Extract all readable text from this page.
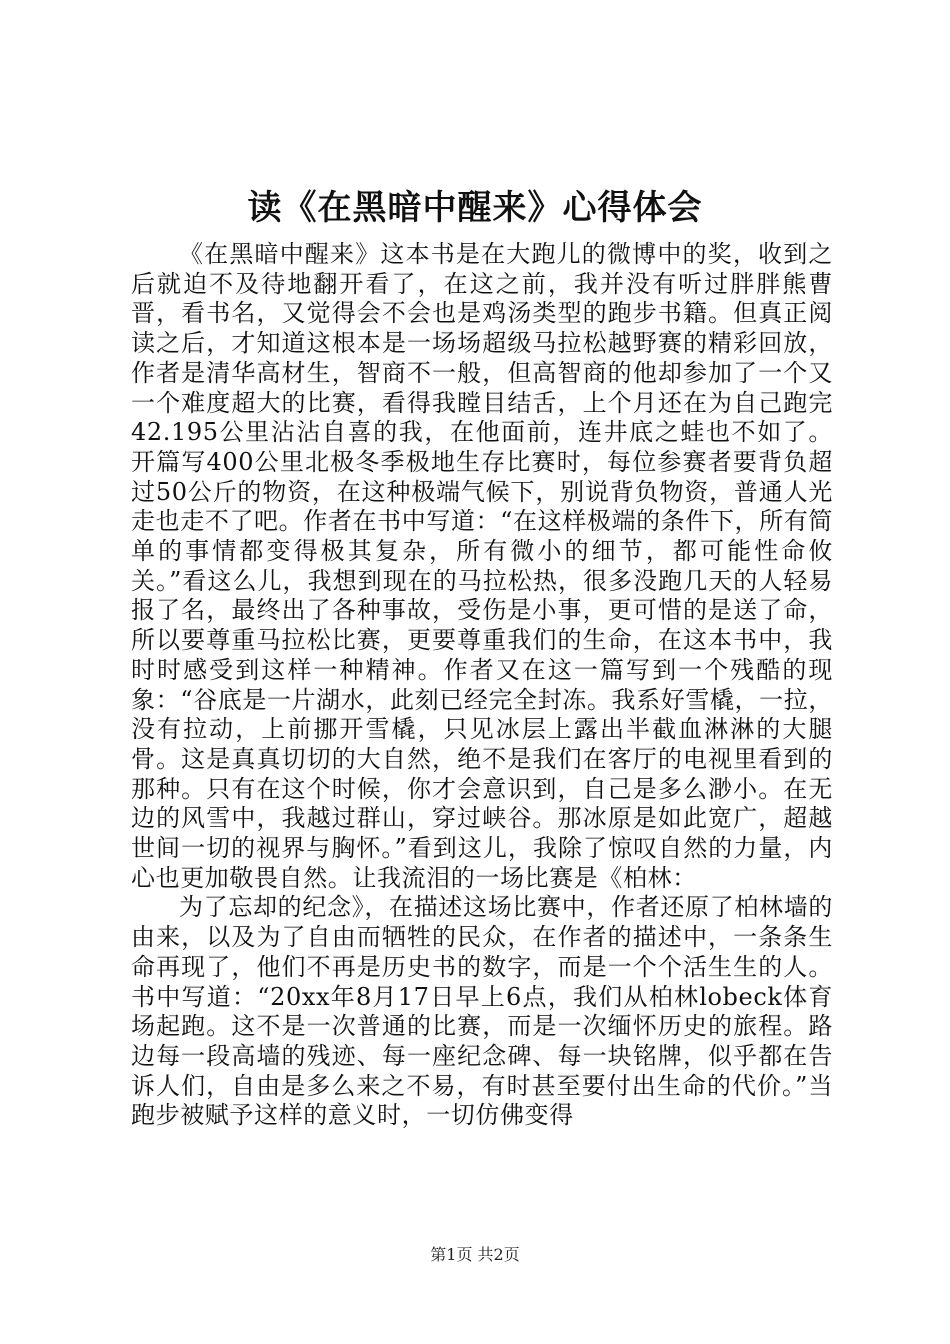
读《在黑暗中醒来》心得体会

《在黑暗中醒来》这本书是在大跑儿的微博中的奖，收到之后就迫不及待地翻开看了，在这之前，我并没有听过胖胖熊曹晋，看书名，又觉得会不会也是鸡汤类型的跑步书籍。但真正阅读之后，才知道这根本是一场场超级马拉松越野赛的精彩回放，作者是清华高材生，智商不一般，但高智商的他却参加了一个又一个难度超大的比赛，看得我瞠目结舌，上个月还在为自己跑完42.195公里沾沾自喜的我，在他面前，连井底之蛙也不如了。开篇写400公里北极冬季极地生存比赛时，每位参赛者要背负超过50公斤的物资，在这种极端气候下，别说背负物资，普通人光走也走不了吧。作者在书中写道：“在这样极端的条件下，所有简单的事情都变得极其复杂，所有微小的细节，都可能性命攸关。”看这么儿，我想到现在的马拉松热，很多没跑几天的人轻易报了名，最终出了各种事故，受伤是小事，更可惜的是送了命，所以要尊重马拉松比赛，更要尊重我们的生命，在这本书中，我时时感受到这样一种精神。作者又在这一篇写到一个残酷的现象：“谷底是一片湖水，此刻已经完全封冻。我系好雪橇，一拉，没有拉动，上前挪开雪橇，只见冰层上露出半截血淋淋的大腿骨。这是真真切切的大自然，绝不是我们在客厅的电视里看到的那种。只有在这个时候，你才会意识到，自己是多么渺小。在无边的风雪中，我越过群山，穿过峡谷。那冰原是如此宽广，超越世间一切的视界与胸怀。”看到这儿，我除了惊叹自然的力量，内心也更加敬畏自然。让我流泪的一场比赛是《柏林：

为了忘却的纪念》，在描述这场比赛中，作者还原了柏林墙的由来，以及为了自由而牺牲的民众，在作者的描述中，一条条生命再现了，他们不再是历史书的数字，而是一个个活生生的人。书中写道：“20xx年8月17日早上6点，我们从柏林lobeck体育场起跑。这不是一次普通的比赛，而是一次缅怀历史的旅程。路边每一段高墙的残迹、每一座纪念碑、每一块铭牌，似乎都在告诉人们，自由是多么来之不易，有时甚至要付出生命的代价。”当跑步被赋予这样的意义时，一切仿佛变得

第1页 共2页
